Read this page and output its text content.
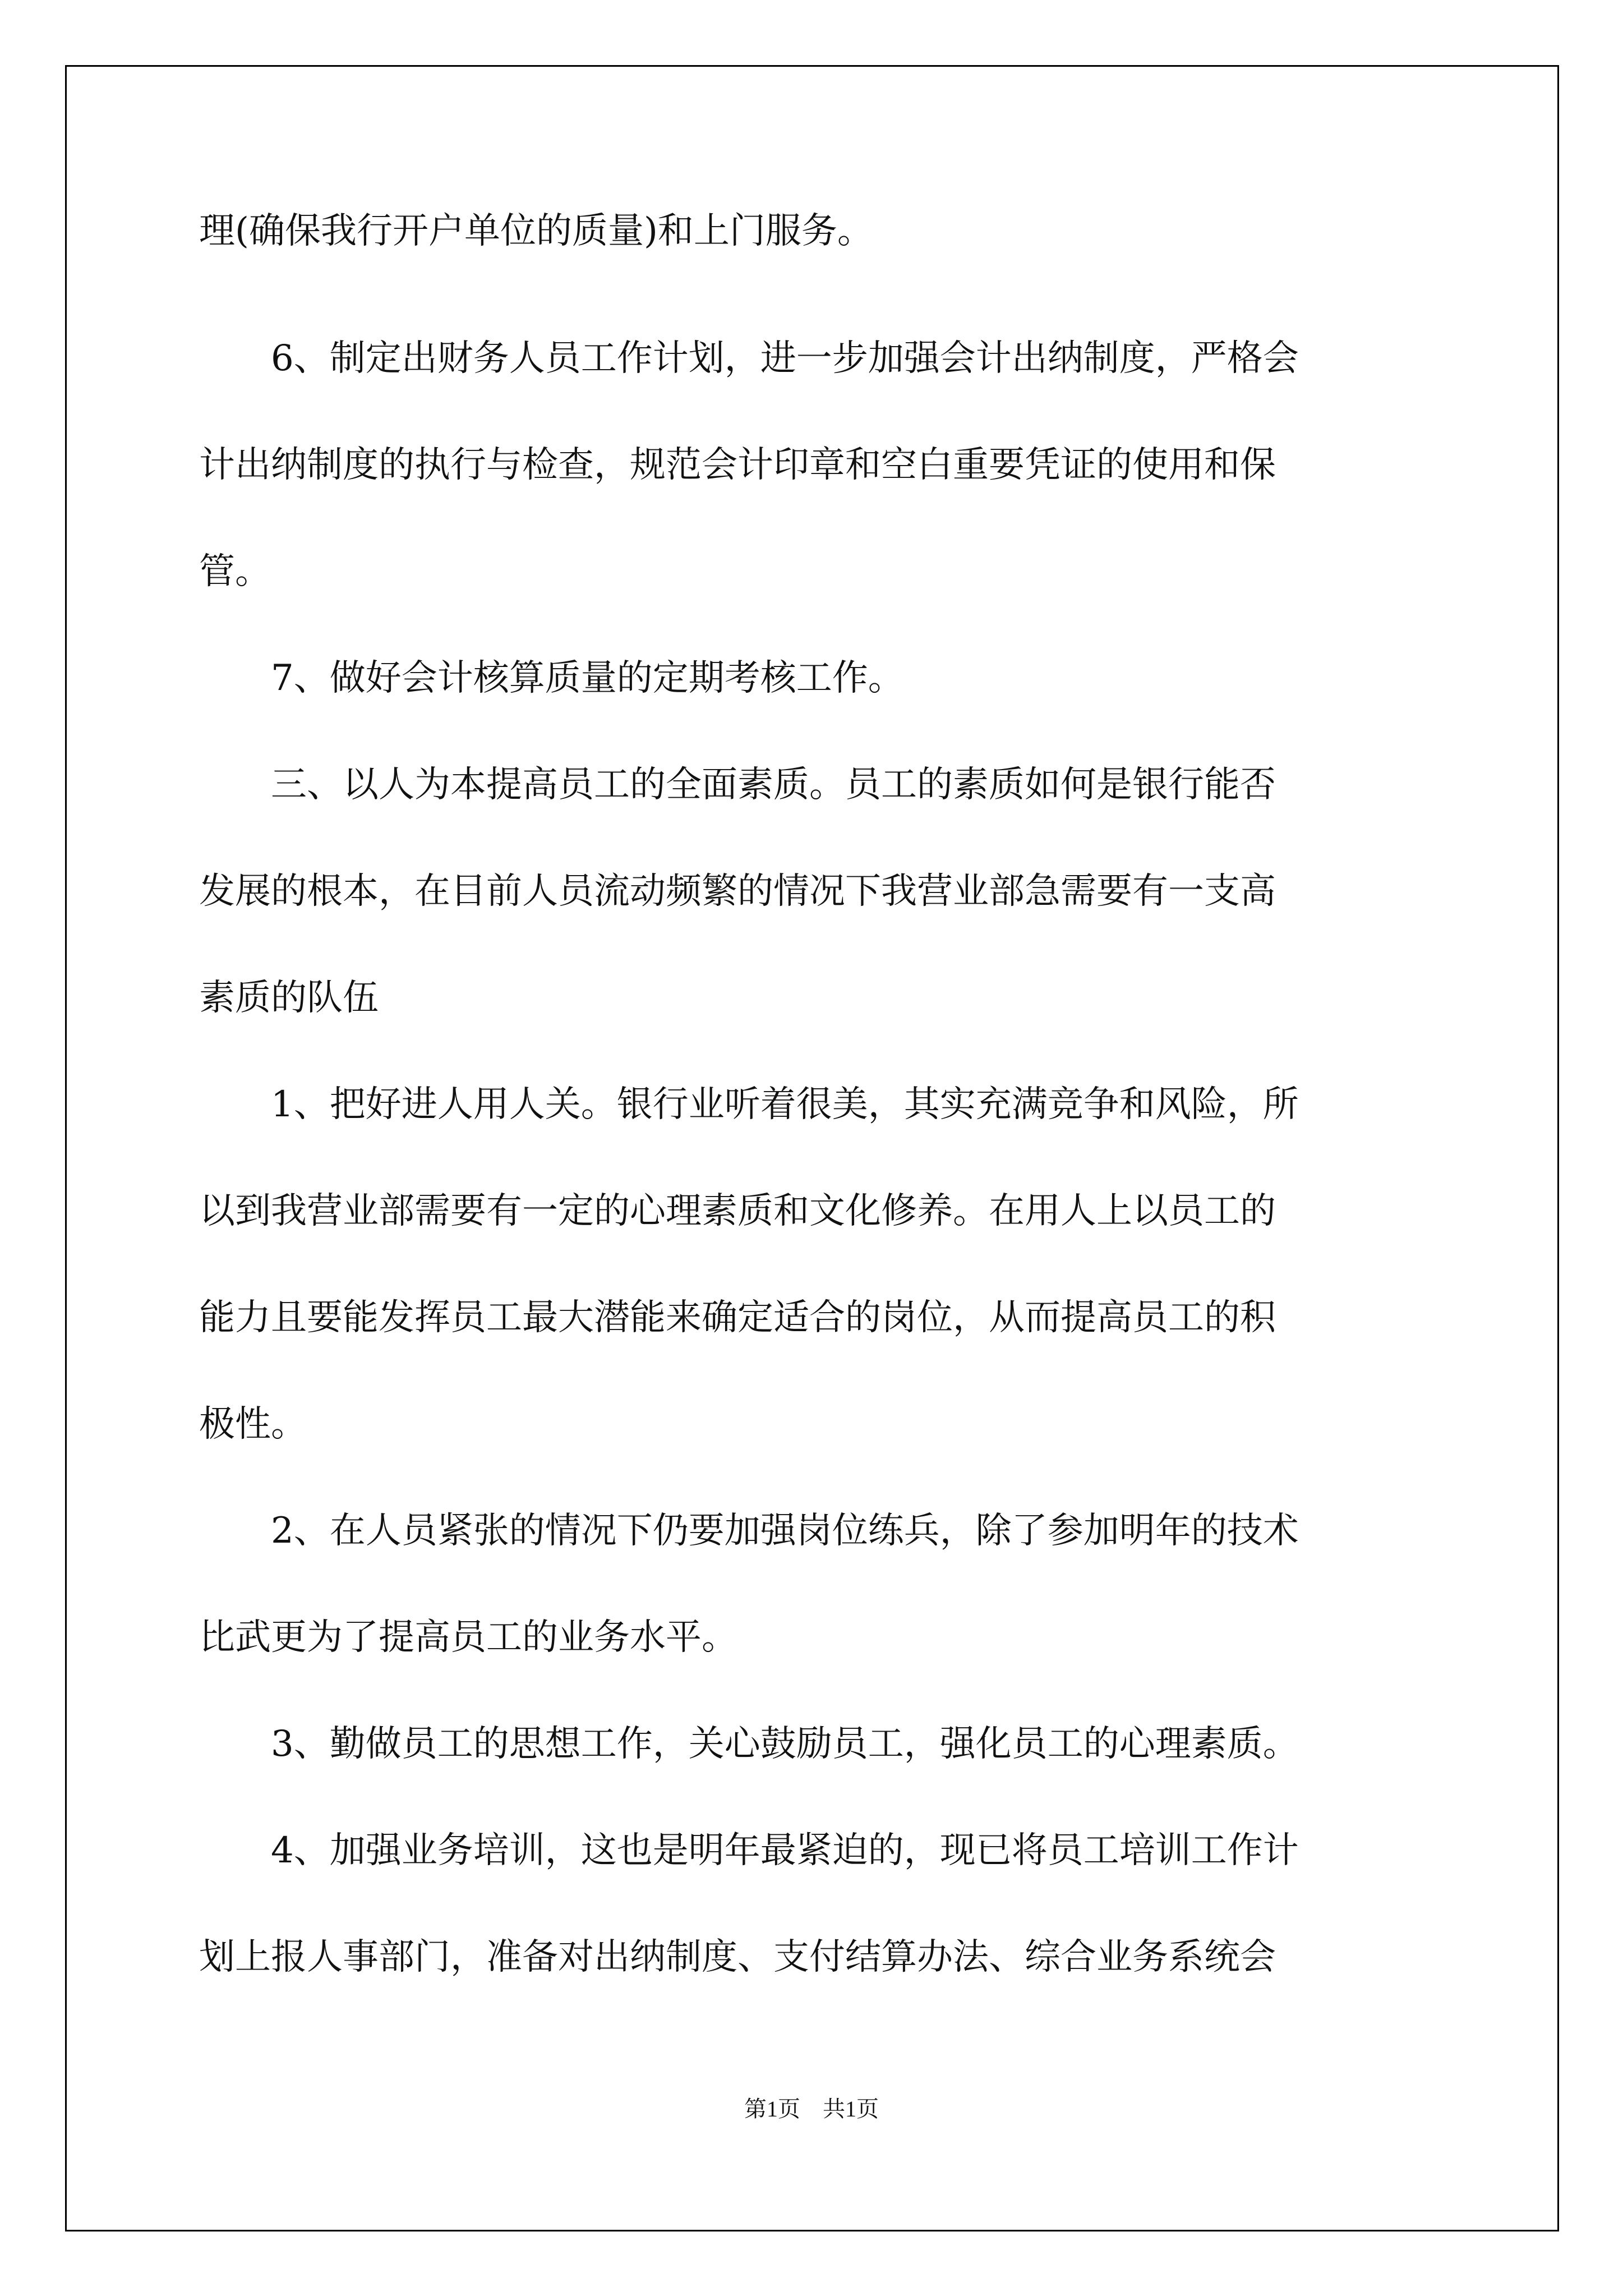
理(确保我行开户单位的质量)和上门服务。
　　6、制定出财务人员工作计划，进一步加强会计出纳制度，严格会
计出纳制度的执行与检查，规范会计印章和空白重要凭证的使用和保
管。
　　7、做好会计核算质量的定期考核工作。
　　三、以人为本提高员工的全面素质。员工的素质如何是银行能否
发展的根本，在目前人员流动频繁的情况下我营业部急需要有一支高
素质的队伍
　　1、把好进人用人关。银行业听着很美，其实充满竞争和风险，所
以到我营业部需要有一定的心理素质和文化修养。在用人上以员工的
能力且要能发挥员工最大潜能来确定适合的岗位，从而提高员工的积
极性。
　　2、在人员紧张的情况下仍要加强岗位练兵，除了参加明年的技术
比武更为了提高员工的业务水平。
　　3、勤做员工的思想工作，关心鼓励员工，强化员工的心理素质。
　　4、加强业务培训，这也是明年最紧迫的，现已将员工培训工作计
划上报人事部门，准备对出纳制度、支付结算办法、综合业务系统会
第1页　共1页
